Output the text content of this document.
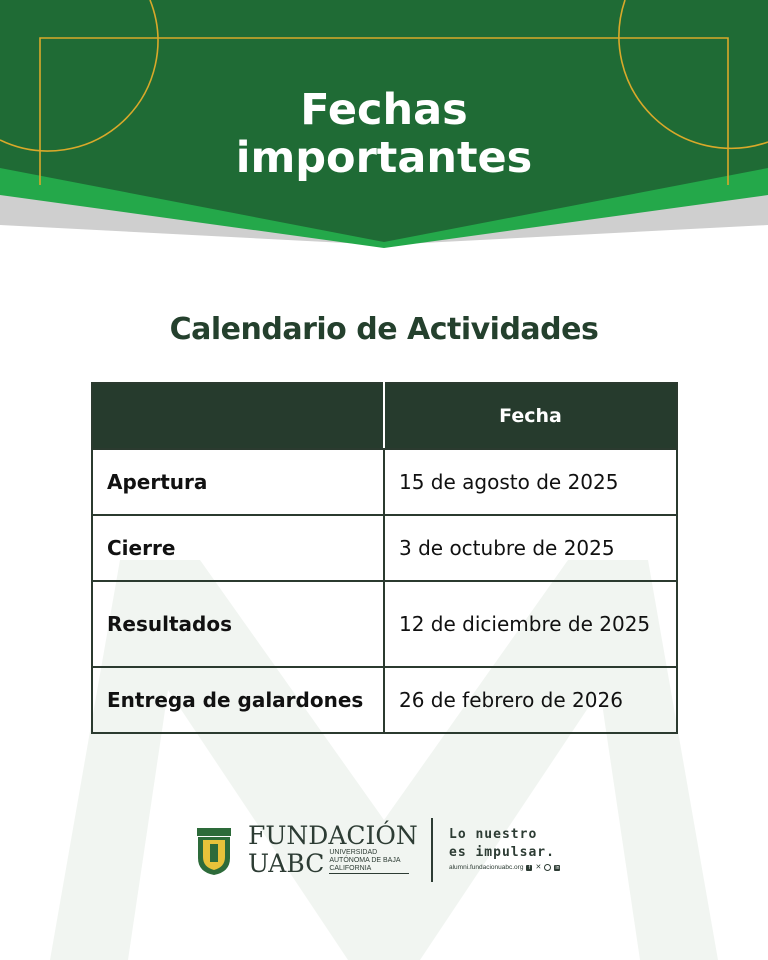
Fechas
importantes
Calendario de Actividades
	Fecha
Apertura	15 de agosto de 2025
Cierre	3 de octubre de 2025
Resultados	12 de diciembre de 2025
Entrega de galardones	26 de febrero de 2026
FUNDACIÓN
UABC UNIVERSIDAD AUTÓNOMA DE BAJA CALIFORNIA
Lo nuestro
es impulsar.
alumni.fundacionuabc.org	f ✕	in
